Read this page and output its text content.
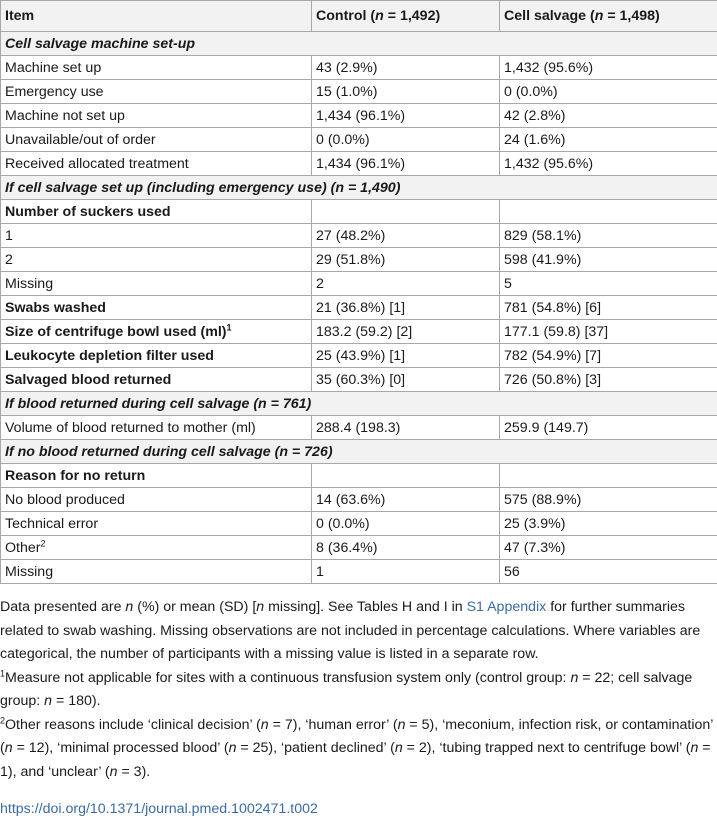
Item	Control (n = 1,492)	Cell salvage (n = 1,498)
Cell salvage machine set-up		
Machine set up	43 (2.9%)	1,432 (95.6%)
Emergency use	15 (1.0%)	0 (0.0%)
Machine not set up	1,434 (96.1%)	42 (2.8%)
Unavailable/out of order	0 (0.0%)	24 (1.6%)
Received allocated treatment	1,434 (96.1%)	1,432 (95.6%)
If cell salvage set up (including emergency use) (n = 1,490)		
Number of suckers used		
1	27 (48.2%)	829 (58.1%)
2	29 (51.8%)	598 (41.9%)
Missing	2	5
Swabs washed	21 (36.8%) [1]	781 (54.8%) [6]
Size of centrifuge bowl used (ml)$^1$	183.2 (59.2) [2]	177.1 (59.8) [37]
Leukocyte depletion filter used	25 (43.9%) [1]	782 (54.9%) [7]
Salvaged blood returned	35 (60.3%) [0]	726 (50.8%) [3]
If blood returned during cell salvage (n = 761)		
Volume of blood returned to mother (ml)	288.4 (198.3)	259.9 (149.7)
If no blood returned during cell salvage (n = 726)		
Reason for no return		
No blood produced	14 (63.6%)	575 (88.9%)
Technical error	0 (0.0%)	25 (3.9%)
Other$^2$	8 (36.4%)	47 (7.3%)
Missing	1	56

Data presented are n (%) or mean (SD) [n missing]. See Tables H and I in S1 Appendix for further summaries related to swab washing. Missing observations are not included in percentage calculations. Where variables are categorical, the number of participants with a missing value is listed in a separate row.

$^1$Measure not applicable for sites with a continuous transfusion system only (control group: n = 22; cell salvage group: n = 180).

$^2$Other reasons include ‘clinical decision’ (n = 7), ‘human error’ (n = 5), ‘meconium, infection risk, or contamination’ (n = 12), ‘minimal processed blood’ (n = 25), ‘patient declined’ (n = 2), ‘tubing trapped next to centrifuge bowl’ (n = 1), and ‘unclear’ (n = 3).

https://doi.org/10.1371/journal.pmed.1002471.t002
